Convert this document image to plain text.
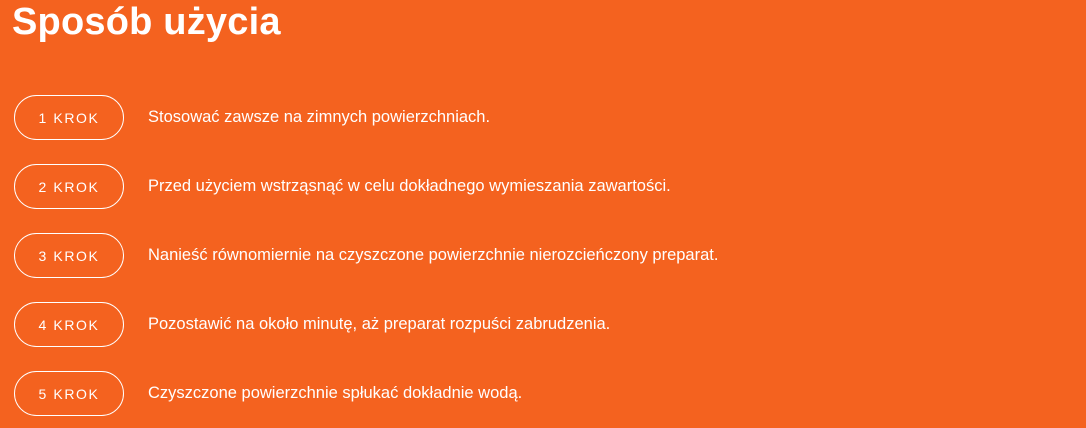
Sposób użycia
1 KROK	Stosować zawsze na zimnych powierzchniach.
2 KROK	Przed użyciem wstrząsnąć w celu dokładnego wymieszania zawartości.
3 KROK	Nanieść równomiernie na czyszczone powierzchnie nierozcieńczony preparat.
4 KROK	Pozostawić na około minutę, aż preparat rozpuści zabrudzenia.
5 KROK	Czyszczone powierzchnie spłukać dokładnie wodą.
